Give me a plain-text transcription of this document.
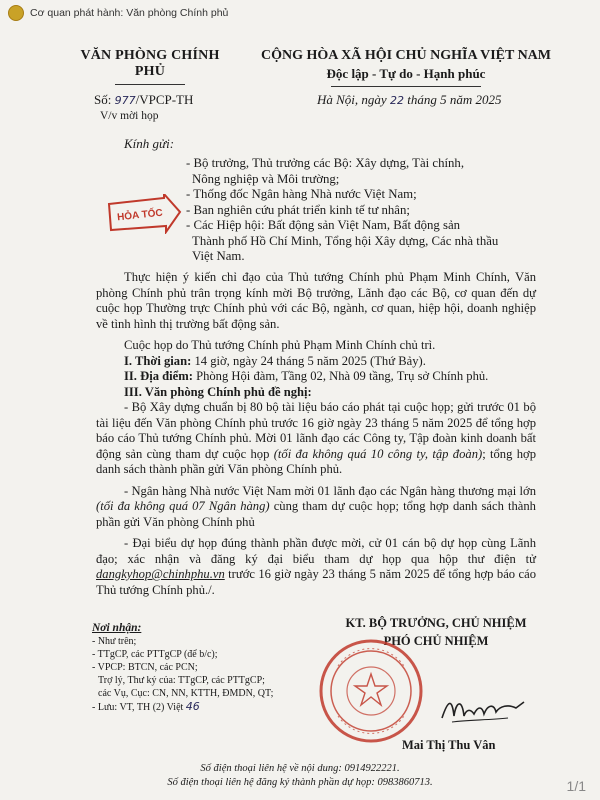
Cơ quan phát hành: Văn phòng Chính phủ
VĂN PHÒNG CHÍNH PHỦ
CỘNG HÒA XÃ HỘI CHỦ NGHĨA VIỆT NAM
Độc lập - Tự do - Hạnh phúc
Số: 977/VPCP-TH
V/v mời họp
Hà Nội, ngày 22 tháng 5 năm 2025
Kính gửi:
- Bộ trưởng, Thủ trưởng các Bộ: Xây dựng, Tài chính,
Nông nghiệp và Môi trường;
- Thống đốc Ngân hàng Nhà nước Việt Nam;
- Ban nghiên cứu phát triển kinh tế tư nhân;
- Các Hiệp hội: Bất động sản Việt Nam, Bất động sản
Thành phố Hồ Chí Minh, Tổng hội Xây dựng, Các nhà thầu
Việt Nam.
HỎA TỐC

Thực hiện ý kiến chỉ đạo của Thủ tướng Chính phủ Phạm Minh Chính, Văn phòng Chính phủ trân trọng kính mời Bộ trưởng, Lãnh đạo các Bộ, cơ quan đến dự cuộc họp Thường trực Chính phủ với các Bộ, ngành, cơ quan, hiệp hội, doanh nghiệp về tình hình thị trường bất động sản.

Cuộc họp do Thủ tướng Chính phủ Phạm Minh Chính chủ trì.

I. Thời gian: 14 giờ, ngày 24 tháng 5 năm 2025 (Thứ Bảy).

II. Địa điểm: Phòng Hội đàm, Tầng 02, Nhà 09 tầng, Trụ sở Chính phủ.

III. Văn phòng Chính phủ đề nghị:

- Bộ Xây dựng chuẩn bị 80 bộ tài liệu báo cáo phát tại cuộc họp; gửi trước 01 bộ tài liệu đến Văn phòng Chính phủ trước 16 giờ ngày 23 tháng 5 năm 2025 để tổng hợp báo cáo Thủ tướng Chính phủ. Mời 01 lãnh đạo các Công ty, Tập đoàn kinh doanh bất động sản cùng tham dự cuộc họp (tối đa không quá 10 công ty, tập đoàn); tổng hợp danh sách thành phần gửi Văn phòng Chính phủ.

- Ngân hàng Nhà nước Việt Nam mời 01 lãnh đạo các Ngân hàng thương mại lớn (tối đa không quá 07 Ngân hàng) cùng tham dự cuộc họp; tổng hợp danh sách thành phần gửi Văn phòng Chính phủ

- Đại biểu dự họp đúng thành phần được mời, cử 01 cán bộ dự họp cùng Lãnh đạo; xác nhận và đăng ký đại biểu tham dự họp qua hộp thư điện tử dangkyhop@chinhphu.vn trước 16 giờ ngày 23 tháng 5 năm 2025 để tổng hợp báo cáo Thủ tướng Chính phủ./.

Nơi nhận:
- Như trên;
- TTgCP, các PTTgCP (để b/c);
- VPCP: BTCN, các PCN;
Trợ lý, Thư ký của: TTgCP, các PTTgCP;
các Vụ, Cục: CN, NN, KTTH, ĐMDN, QT;
- Lưu: VT, TH (2) Việt 46
KT. BỘ TRƯỞNG, CHỦ NHIỆM
PHÓ CHỦ NHIỆM
Mai Thị Thu Vân
Số điện thoại liên hệ về nội dung: 0914922221.
Số điện thoại liên hệ đăng ký thành phần dự họp: 0983860713.	1/1
